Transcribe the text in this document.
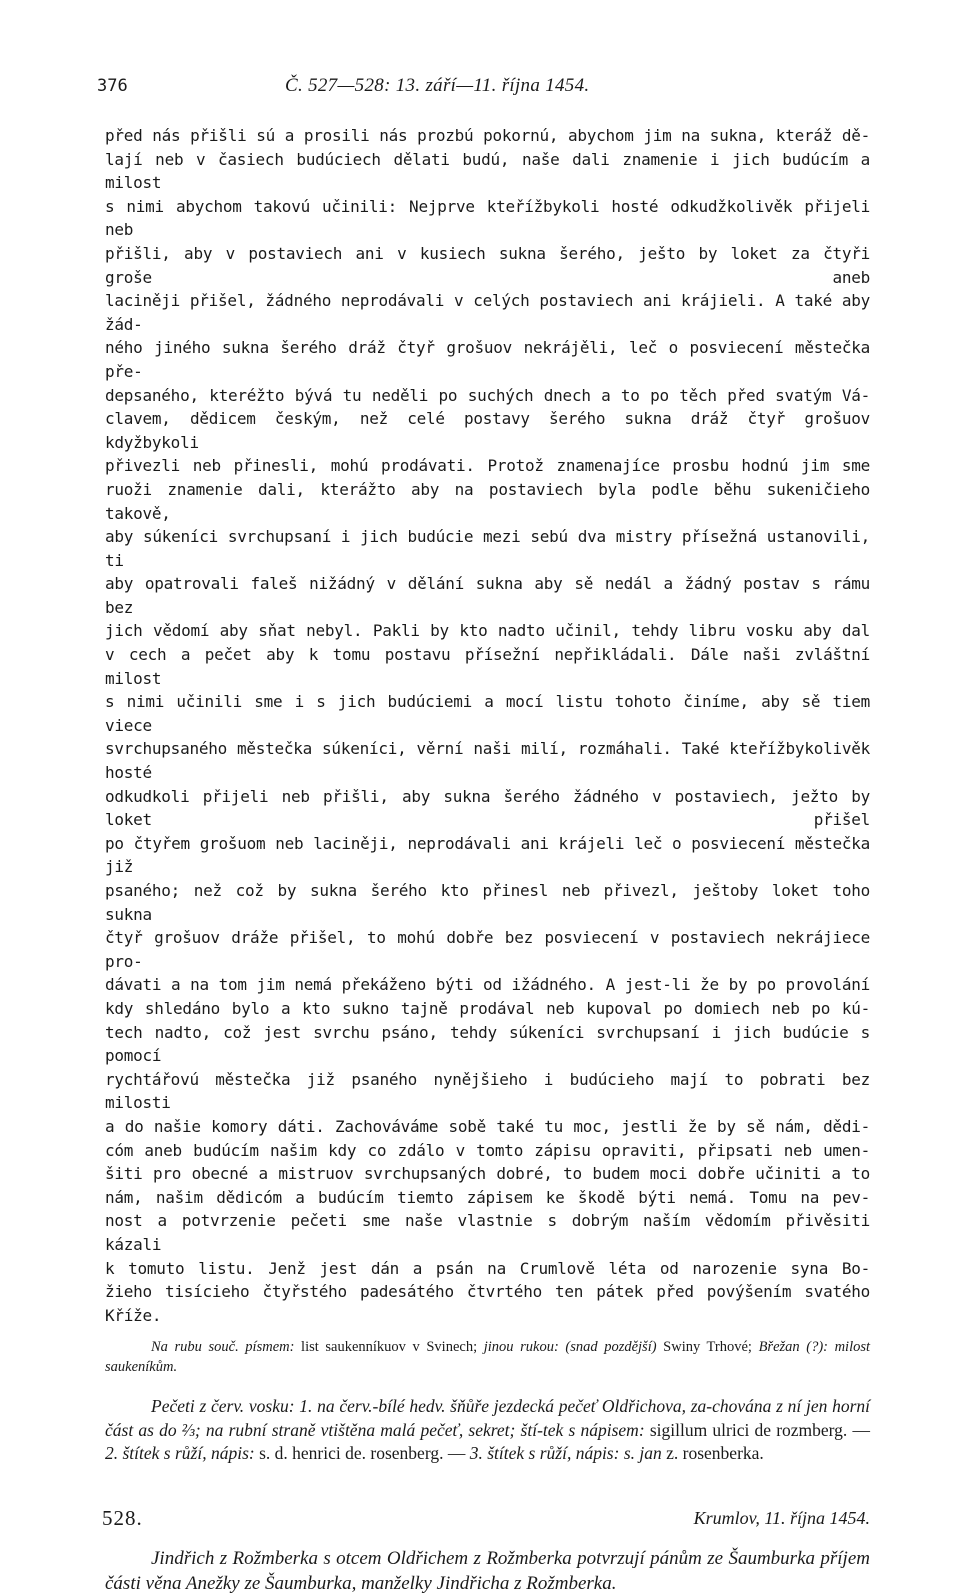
376	Č. 527—528: 13. září—11. října 1454.

před nás přišli sú a prosili nás prozbú pokornú, abychom jim na sukna, kteráž dě-

lají neb v časiech budúciech dělati budú, naše dali znamenie i jich budúcím a milost

s nimi abychom takovú učinili: Nejprve kteřížbykoli hosté odkudžkolivěk přijeli neb

přišli, aby v postaviech ani v kusiech sukna šerého, ješto by loket za čtyři groše aneb

laciněji přišel, žádného neprodávali v celých postaviech ani krájieli. A také aby žád-

ného jiného sukna šerého dráž čtyř grošuov nekrájěli, leč o posviecení městečka pře-

depsaného, kteréžto bývá tu neděli po suchých dnech a to po těch před svatým Vá-

clavem, dědicem českým, než celé postavy šerého sukna dráž čtyř grošuov kdyžbykoli

přivezli neb přinesli, mohú prodávati. Protož znamenajíce prosbu hodnú jim sme

ruoži znamenie dali, kterážto aby na postaviech byla podle běhu sukeničieho takově,

aby súkeníci svrchupsaní i jich budúcie mezi sebú dva mistry přísežná ustanovili, ti

aby opatrovali faleš nižádný v dělání sukna aby sě nedál a žádný postav s rámu bez

jich vědomí aby sňat nebyl. Pakli by kto nadto učinil, tehdy libru vosku aby dal

v cech a pečet aby k tomu postavu přísežní nepřikládali. Dále naši zvláštní milost

s nimi učinili sme i s jich budúciemi a mocí listu tohoto činíme, aby sě tiem viece

svrchupsaného městečka súkeníci, věrní naši milí, rozmáhali. Také kteřížbykolivěk hosté

odkudkoli přijeli neb přišli, aby sukna šerého žádného v postaviech, ježto by loket přišel

po čtyřem grošuom neb laciněji, neprodávali ani krájeli leč o posviecení městečka již

psaného; než což by sukna šerého kto přinesl neb přivezl, ještoby loket toho sukna

čtyř grošuov dráže přišel, to mohú dobře bez posviecení v postaviech nekrájiece pro-

dávati a na tom jim nemá překáženo býti od ižádného. A jest-li že by po provolání

kdy shledáno bylo a kto sukno tajně prodával neb kupoval po domiech neb po kú-

tech nadto, což jest svrchu psáno, tehdy súkeníci svrchupsaní i jich budúcie s pomocí

rychtářovú městečka již psaného nynějšieho i budúcieho mají to pobrati bez milosti

a do našie komory dáti. Zachováváme sobě také tu moc, jestli že by sě nám, dědi-

cóm aneb budúcím našim kdy co zdálo v tomto zápisu opraviti, připsati neb umen-

šiti pro obecné a mistruov svrchupsaných dobré, to budem moci dobře učiniti a to

nám, našim dědicóm a budúcím tiemto zápisem ke škodě býti nemá. Tomu na pev-

nost a potvrzenie pečeti sme naše vlastnie s dobrým naším vědomím přivěsiti kázali

k tomuto listu. Jenž jest dán a psán na Crumlově léta od narozenie syna Bo-

žieho tisícieho čtyřstého padesátého čtvrtého ten pátek před povýšením svatého Kříže.

Na rubu souč. písmem: list saukenníkuov v Svinech; jinou rukou: (snad pozdější) Swiny Trhové; Břežan (?): milost saukeníkům.
Pečeti z červ. vosku: 1. na červ.-bílé hedv. šňůře jezdecká pečeť Oldřichova, za-chována z ní jen horní část as do ⅔; na rubní straně vtištěna malá pečeť, sekret; ští-tek s nápisem: sigillum ulrici de rozmberg. — 2. štítek s růží, nápis: s. d. henrici de. rosenberg. — 3. štítek s růží, nápis: s. jan z. rosenberka.
528.	Krumlov, 11. října 1454.
Jindřich z Rožmberka s otcem Oldřichem z Rožmberka potvrzují pánům ze Šaumburka příjem části věna Anežky ze Šaumburka, manželky Jindřicha z Rožmberka.
